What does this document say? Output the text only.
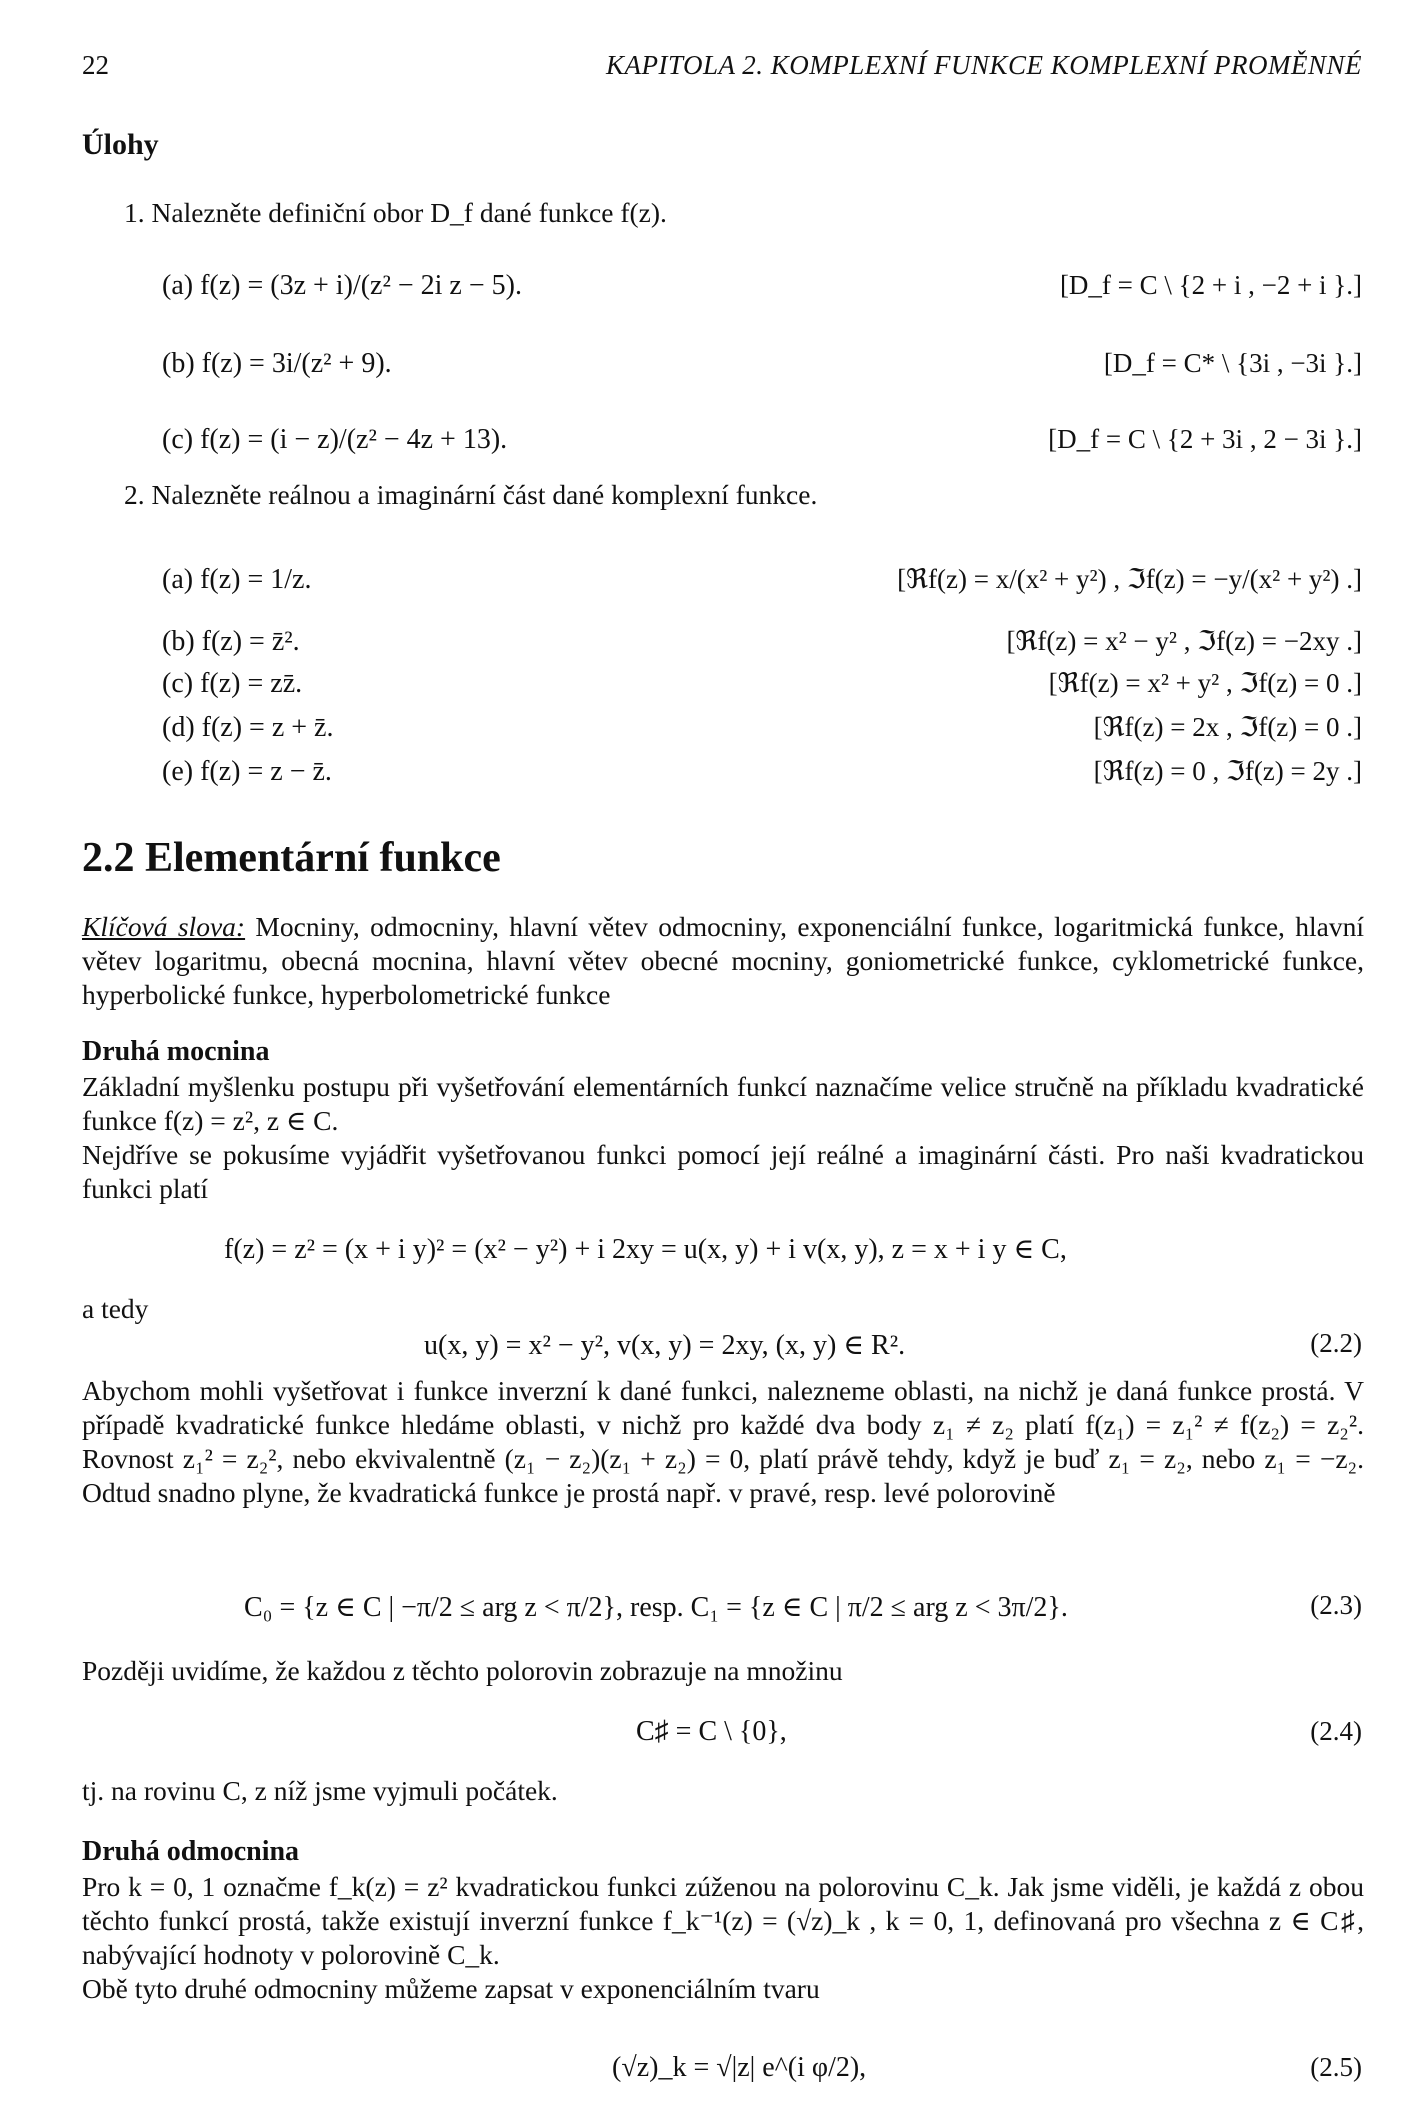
22	KAPITOLA 2. KOMPLEXNÍ FUNKCE KOMPLEXNÍ PROMĚNNÉ
Úlohy
1. Nalezněte definiční obor D_f dané funkce f(z).
(a) f(z) = (3z + i)/(z² − 2i z − 5).	[D_f = C \ {2 + i , −2 + i }.]
(b) f(z) = 3i/(z² + 9).	[D_f = C* \ {3i , −3i }.]
(c) f(z) = (i − z)/(z² − 4z + 13).	[D_f = C \ {2 + 3i , 2 − 3i }.]
2. Nalezněte reálnou a imaginární část dané komplexní funkce.
(a) f(z) = 1/z.	[ℜf(z) = x/(x² + y²) , ℑf(z) = −y/(x² + y²) .]
(b) f(z) = z̄².	[ℜf(z) = x² − y² , ℑf(z) = −2xy .]
(c) f(z) = zz̄.	[ℜf(z) = x² + y² , ℑf(z) = 0 .]
(d) f(z) = z + z̄.	[ℜf(z) = 2x , ℑf(z) = 0 .]
(e) f(z) = z − z̄.	[ℜf(z) = 0 , ℑf(z) = 2y .]
2.2 Elementární funkce
Klíčová slova: Mocniny, odmocniny, hlavní větev odmocniny, exponenciální funkce, logaritmická funkce, hlavní větev logaritmu, obecná mocnina, hlavní větev obecné mocniny, goniometrické funkce, cyklometrické funkce, hyperbolické funkce, hyperbolometrické funkce
Druhá mocnina
Základní myšlenku postupu při vyšetřování elementárních funkcí naznačíme velice stručně na příkladu kvadratické funkce f(z) = z², z ∈ C.
Nejdříve se pokusíme vyjádřit vyšetřovanou funkci pomocí její reálné a imaginární části. Pro naši kvadratickou funkci platí
f(z) = z² = (x + i y)² = (x² − y²) + i 2xy = u(x, y) + i v(x, y), z = x + i y ∈ C,
a tedy
u(x, y) = x² − y², v(x, y) = 2xy, (x, y) ∈ R².	(2.2)
Abychom mohli vyšetřovat i funkce inverzní k dané funkci, nalezneme oblasti, na nichž je daná funkce prostá. V případě kvadratické funkce hledáme oblasti, v nichž pro každé dva body z₁ ≠ z₂ platí f(z₁) = z₁² ≠ f(z₂) = z₂². Rovnost z₁² = z₂², nebo ekvivalentně (z₁ − z₂)(z₁ + z₂) = 0, platí právě tehdy, když je buď z₁ = z₂, nebo z₁ = −z₂. Odtud snadno plyne, že kvadratická funkce je prostá např. v pravé, resp. levé polorovině
C₀ = {z ∈ C | −π/2 ≤ arg z < π/2}, resp. C₁ = {z ∈ C | π/2 ≤ arg z < 3π/2}.	(2.3)
Později uvidíme, že každou z těchto polorovin zobrazuje na množinu
C♯ = C \ {0},	(2.4)
tj. na rovinu C, z níž jsme vyjmuli počátek.
Druhá odmocnina
Pro k = 0, 1 označme f_k(z) = z² kvadratickou funkci zúženou na polorovinu C_k. Jak jsme viděli, je každá z obou těchto funkcí prostá, takže existují inverzní funkce f_k⁻¹(z) = (√z)_k , k = 0, 1, definovaná pro všechna z ∈ C♯, nabývající hodnoty v polorovině C_k.
Obě tyto druhé odmocniny můžeme zapsat v exponenciálním tvaru
(√z)_k = √|z| e^(i φ/2),	(2.5)
